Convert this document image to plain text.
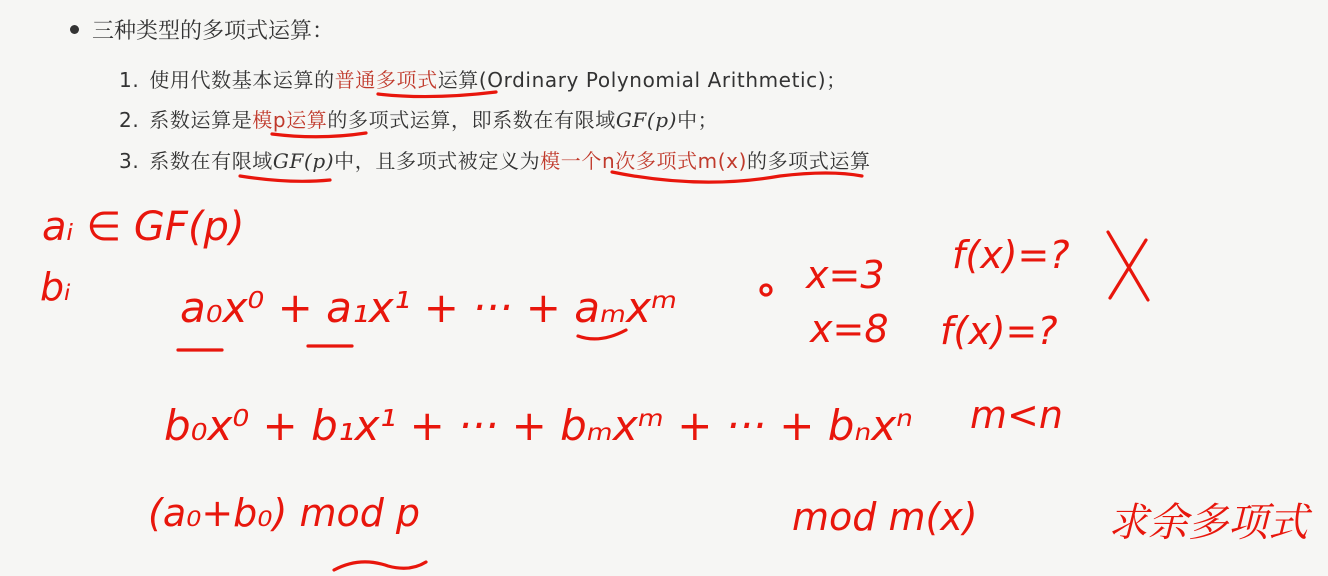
三种类型的多项式运算：
1. 使用代数基本运算的普通多项式运算(Ordinary Polynomial Arithmetic)；
2. 系数运算是模p运算的多项式运算，即系数在有限域GF(p)中；
3. 系数在有限域GF(p)中，且多项式被定义为模一个n次多项式m(x)的多项式运算
aᵢ ∈ GF(p)
bᵢ	a₀x⁰ + a₁x¹ + ··· + aₘxᵐ
x=3 f(x)=?
x=8 f(x)=?
b₀x⁰ + b₁x¹ + ··· + bₘxᵐ + ··· + bₙxⁿ m<n
(a₀+b₀) mod p	mod m(x)	求余多项式
